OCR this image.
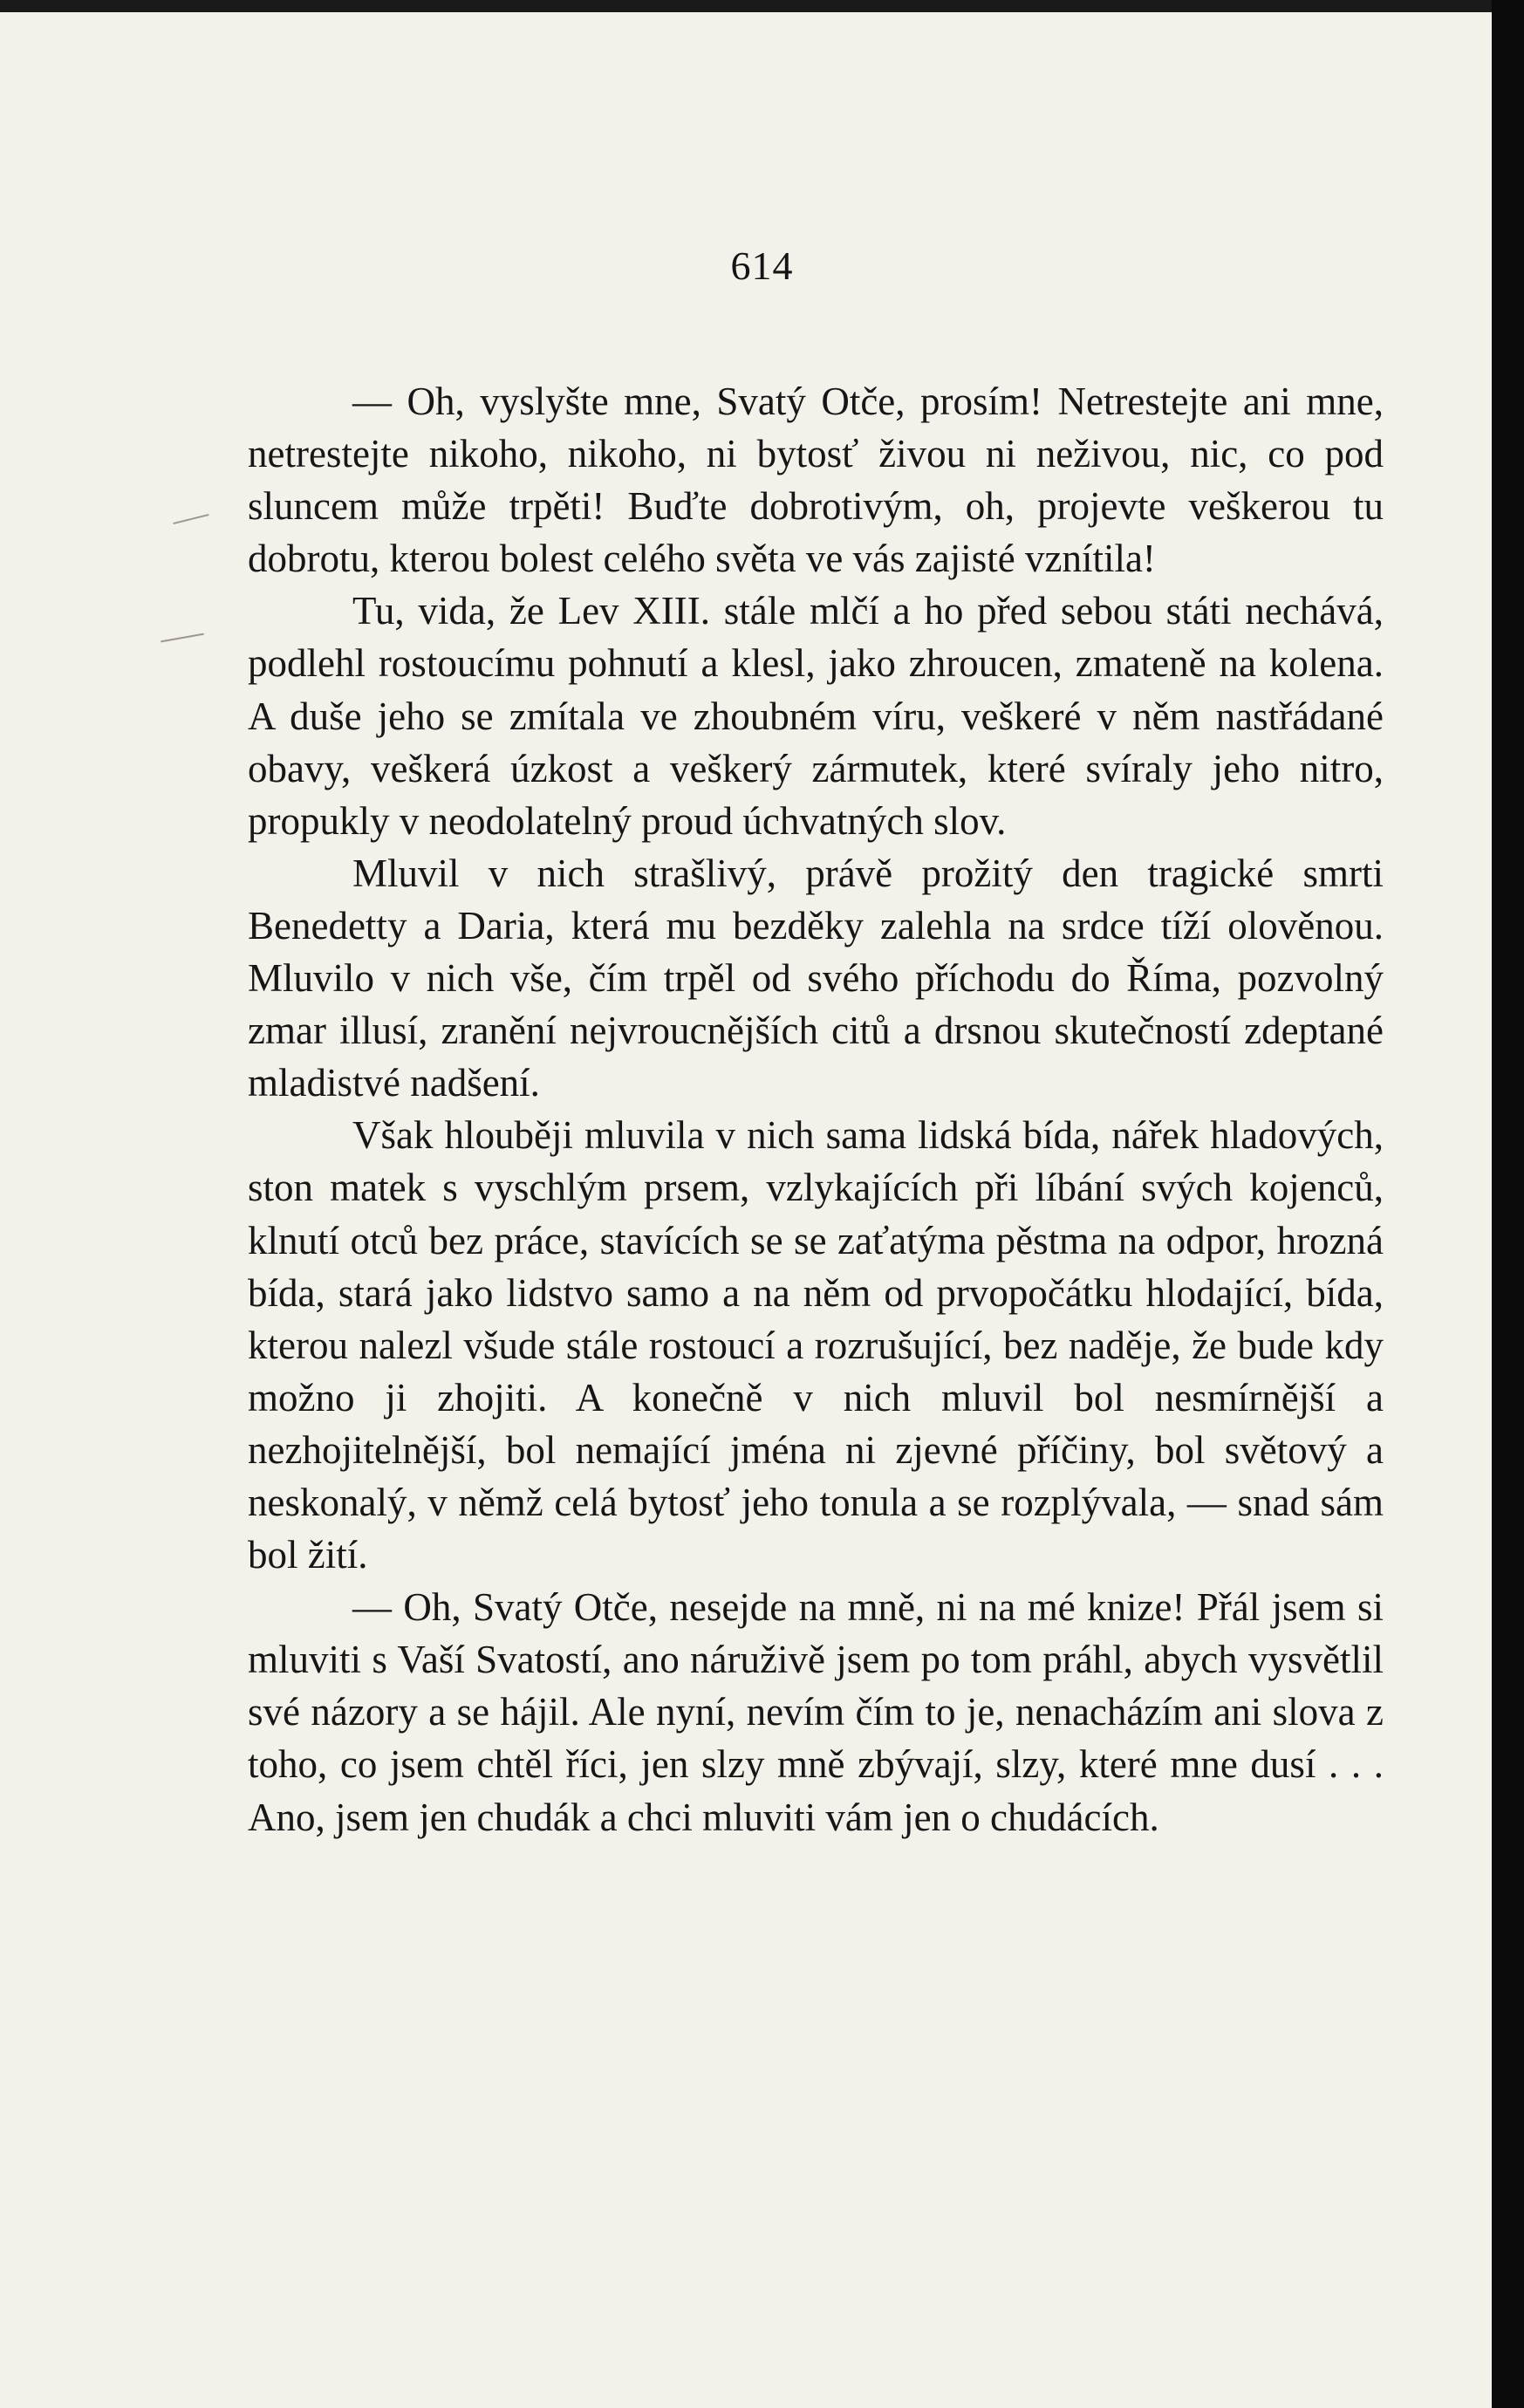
614

— Oh, vyslyšte mne, Svatý Otče, prosím! Netrestejte ani mne, netrestejte nikoho, nikoho, ni bytosť živou ni neživou, nic, co pod sluncem může trpěti! Buďte dobrotivým, oh, projevte veškerou tu dobrotu, kterou bolest celého světa ve vás zajisté vznítila!

Tu, vida, že Lev XIII. stále mlčí a ho před sebou státi nechává, podlehl rostoucímu pohnutí a klesl, jako zhroucen, zmateně na kolena. A duše jeho se zmítala ve zhoubném víru, veškeré v něm nastřádané obavy, veškerá úzkost a veškerý zármutek, které svíraly jeho nitro, propukly v neodolatelný proud úchvatných slov.

Mluvil v nich strašlivý, právě prožitý den tragické smrti Benedetty a Daria, která mu bezděky zalehla na srdce tíží olověnou. Mluvilo v nich vše, čím trpěl od svého příchodu do Říma, pozvolný zmar illusí, zranění nejvroucnějších citů a drsnou skutečností zdeptané mladistvé nadšení.

Však hlouběji mluvila v nich sama lidská bída, nářek hladových, ston matek s vyschlým prsem, vzlykajících při líbání svých kojenců, klnutí otců bez práce, stavících se se zaťatýma pěstma na odpor, hrozná bída, stará jako lidstvo samo a na něm od prvopočátku hlodající, bída, kterou nalezl všude stále rostoucí a rozrušující, bez naděje, že bude kdy možno ji zhojiti. A konečně v nich mluvil bol nesmírnější a nezhojitelnější, bol nemající jména ni zjevné příčiny, bol světový a neskonalý, v němž celá bytosť jeho tonula a se rozplývala, — snad sám bol žití.

— Oh, Svatý Otče, nesejde na mně, ni na mé knize! Přál jsem si mluviti s Vaší Svatostí, ano náruživě jsem po tom práhl, abych vysvětlil své názory a se hájil. Ale nyní, nevím čím to je, nenacházím ani slova z toho, co jsem chtěl říci, jen slzy mně zbývají, slzy, které mne dusí . . . Ano, jsem jen chudák a chci mluviti vám jen o chudácích.
